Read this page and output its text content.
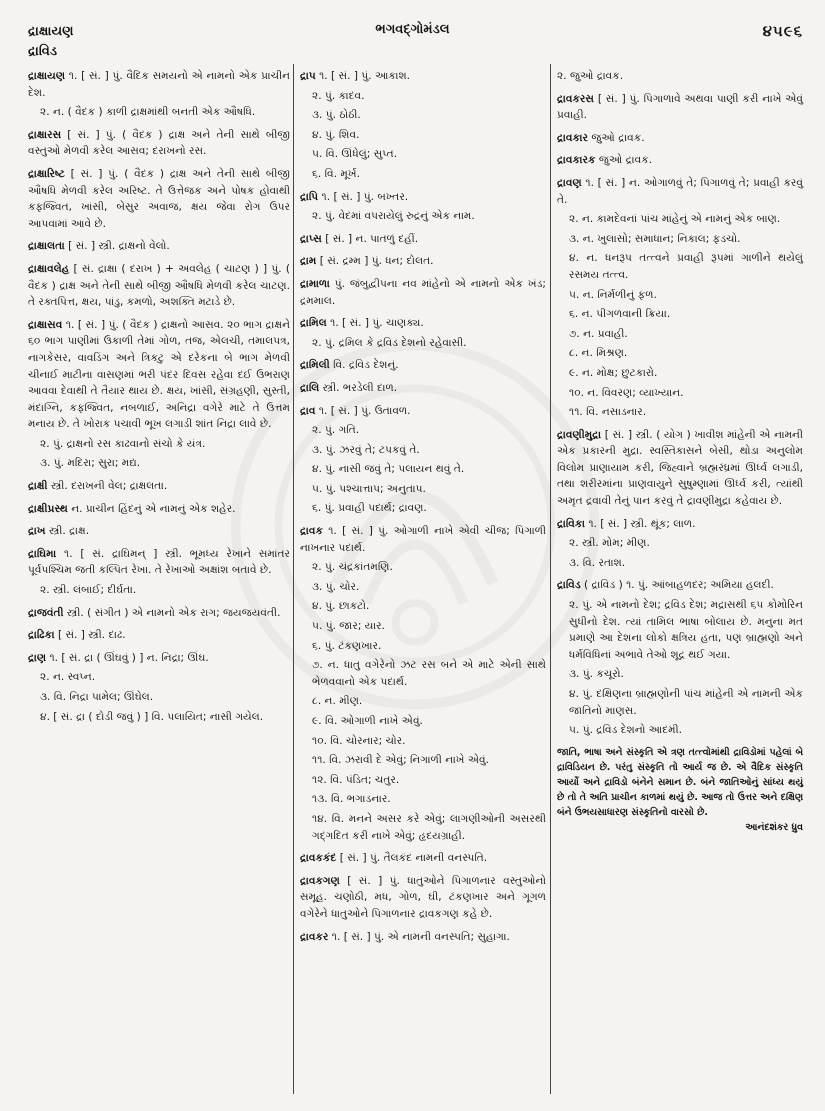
દ્રાક્ષાયણ
દ્રાવિડ
ભગવદ્ગોમંડલ	૪૫૯૬

દ્રાક્ષાયણ ૧. [ સં. ] પું. વૈદિક સમયનો એ નામનો એક પ્રાચીન દેશ.

૨. ન. ( વૈદક ) કાળી દ્રાક્ષમાંથી બનતી એક ઔષધિ.

દ્રાક્ષારસ [ સં. ] પું. ( વૈદક ) દ્રાક્ષ અને તેની સાથે બીજી વસ્તુઓ મેળવી કરેલ આસવ; દરાખનો રસ.

દ્રાક્ષારિષ્ટ [ સં. ] પું. ( વૈદક ) દ્રાક્ષ અને તેની સાથે બીજી ઔષધિ મેળવી કરેલ અરિષ્ટ. તે ઉત્તેજક અને પોષક હોવાથી કફજ્વિત, ખાંસી, બેસુર અવાજ, ક્ષય જેવા રોગ ઉપર આપવામાં આવે છે.

દ્રાક્ષાલતા [ સં. ] સ્ત્રી. દ્રાક્ષનો વેલો.

દ્રાક્ષાવલેહ [ સં. દ્રાક્ષા ( દરાખ ) + અવલેહ ( ચાટણ ) ] પું. ( વૈદક ) દ્રાક્ષ અને તેની સાથે બીજી ઔષધિ મેળવી કરેલ ચાટણ. તે રક્તપિત્ત, ક્ષય, પાંડુ, કમળો, અશક્તિ મટાડે છે.

દ્રાક્ષાસવ ૧. [ સં. ] પું. ( વૈદક ) દ્રાક્ષનો આસવ. ૨૦ ભાગ દ્રાક્ષને ૬૦ ભાગ પાણીમાં ઉકાળી તેમાં ગોળ, તજ, એલચી, તમાલપત્ર, નાગકેસર, વાવડિંગ અને ત્રિકટુ એ દરેકના બે ભાગ મેળવી ચીનાઈ માટીના વાસણમાં ભરી પંદર દિવસ રહેવા દઈ ઉભરાણ આવવા દેવાથી તે તૈયાર થાય છે. ક્ષય, ખાંસી, સંગ્રહણી, સુસ્તી, મંદાગ્નિ, કફજ્વિત, નબળાઈ, અનિદ્રા વગેરે માટે તે ઉત્તમ મનાય છે. તે ખોરાક પચાવી ભૂખ લગાડી શાંત નિદ્રા લાવે છે.

૨. પું. દ્રાક્ષનો રસ કાઢવાનો સંચો કે યંત્ર.

૩. પું. મદિરા; સુરા; મદ્ય.

દ્રાક્ષી સ્ત્રી. દરાખની વેલ; દ્રાક્ષલતા.

દ્રાક્ષીપ્રસ્થ ન. પ્રાચીન હિંદનું એ નામનું એક શહેર.

દ્રાખ સ્ત્રી. દ્રાક્ષ.

દ્રાઘિમા ૧. [ સં. દ્રાઘિમન્ ] સ્ત્રી. ભૂમધ્ય રેખાને સમાંતર પૂર્વપશ્ચિમ જતી કલ્પિત રેખા. તે રેખાઓ અક્ષાંશ બતાવે છે.

૨. સ્ત્રી. લંબાઈ; દીર્ઘતા.

દ્રાજવંતી સ્ત્રી. ( સંગીત ) એ નામનો એક રાગ; જયજયવંતી.

દ્રાઢિકા [ સં. ] સ્ત્રી. દાઢ.

દ્રાણ ૧. [ સં. દ્રા ( ઊંઘવું ) ] ન. નિદ્રા; ઊંઘ.

૨. ન. સ્વપ્ન.

૩. વિ. નિદ્રા પામેલ; ઊંઘેલ.

૪. [ સં. દ્રા ( દોડી જવું ) ] વિ. પલાયિત; નાસી ગયેલ.

દ્રાપ ૧. [ સં. ] પું. આકાશ.

૨. પું. કાદવ.

૩. પું. ઠોઠી.

૪. પું. શિવ.

૫. વિ. ઊંધેલું; સુપ્ત.

૬. વિ. મૂર્ખ.

દ્રાપિ ૧. [ સં. ] પું. બખ્તર.

૨. પું. વેદમાં વપરાયેલું રુદ્રનું એક નામ.

દ્રાપ્સ [ સં. ] ન. પાતળું દહીં.

દ્રામ [ સં. દ્રમ્મ ] પું. ધન; દોલત.

દ્રામાળા પું. જંબુદ્વીપના નવ માંહેનો એ નામનો એક ખંડ; દ્રમમાલ.

દ્રામિલ ૧. [ સં. ] પું. ચાણક્ય.

૨. પું. દ્રમિલ કે દ્રવિડ દેશનો રહેવાસી.

દ્રામિલી વિ. દ્રવિડ દેશનું.

દ્રાલિ સ્ત્રી. ભરડેલી દાળ.

દ્રાવ ૧. [ સં. ] પું. ઉતાવળ.

૨. પું. ગતિ.

૩. પું. ઝરવું તે; ટપકવું તે.

૪. પું. નાસી જવું તે; પલાયન થવું તે.

૫. પું. પશ્ચાત્તાપ; અનુતાપ.

૬. પું. પ્રવાહી પદાર્થ; દ્રાવણ.

દ્રાવક ૧. [ સં. ] પું. ઓગાળી નાખે એવી ચીજ; પિગાળી નાખનાર પદાર્થ.

૨. પું. ચંદ્રકાંતમણિ.

૩. પું. ચોર.

૪. પું. છાકટો.

૫. પું. જાર; યાર.

૬. પું. ટંકણખાર.

૭. ન. ધાતુ વગેરેનો ઝટ રસ બને એ માટે એની સાથે ભેળવવાનો એક પદાર્થ.

૮. ન. મીણ.

૯. વિ. ઓગાળી નાખે એવું.

૧૦. વિ. ચોરનાર; ચોર.

૧૧. વિ. ઝરાવી દે એવું; નિગાળી નાખે એવું.

૧૨. વિ. પંડિત; ચતુર.

૧૩. વિ. ભગાડનાર.

૧૪. વિ. મનને અસર કરે એવું; લાગણીઓની અસરથી ગદ્ગદિત કરી નાખે એવું; હૃદયગ્રાહી.

દ્રાવકકંદ [ સં. ] પું. તૈલકંદ નામની વનસ્પતિ.

દ્રાવકગણ [ સં. ] પું. ધાતુઓને પિગાળનાર વસ્તુઓનો સમૂહ. ચણોઠી, મધ, ગોળ, ઘી, ટંકણખાર અને ગૂગળ વગેરેને ધાતુઓને પિગાળનાર દ્રાવકગણ કહે છે.

દ્રાવકર ૧. [ સં. ] પું. એ નામની વનસ્પતિ; સુહાગા.

૨. જુઓ દ્રાવક.

દ્રાવકરસ [ સં. ] પું. પિગાળાવે અથવા પાણી કરી નાખે એવું પ્રવાહી.

દ્રાવકાર જુઓ દ્રાવક.

દ્રાવકારક જુઓ દ્રાવક.

દ્રાવણ ૧. [ સં. ] ન. ઓગાળવું તે; પિગાળવું તે; પ્રવાહી કરવું તે.

૨. ન. કામદેવનાં પાંચ માંહેનું એ નામનું એક બાણ.

૩. ન. ખુલાસો; સમાધાન; નિકાલ; ફડચો.

૪. ન. ધનરૂપ તત્ત્વને પ્રવાહી રૂપમાં ગાળીને થયેલું રસમય તત્ત્વ.

૫. ન. નિર્મળીનું ફળ.

૬. ન. પીગળવાની ક્રિયા.

૭. ન. પ્રવાહી.

૮. ન. મિશ્રણ.

૯. ન. મોક્ષ; છુટકારો.

૧૦. ન. વિવરણ; વ્યાખ્યાન.

૧૧. વિ. નસાડનાર.

દ્રાવણીમુદ્રા [ સં. ] સ્ત્રી. ( યોગ ) ખાવીશ માંહેની એ નામની એક પ્રકારની મુદ્રા. સ્વસ્તિકાસને બેસી, થોડા અનુલોમ વિલોમ પ્રાણાયામ કરી, જિહ્વાને બ્રહ્મરંધ્રમાં ઊર્ધ્વ લગાડી, તથા શરીરમાંના પ્રાણવાયુને સુષુમ્ણામાં ઊર્ધ્વ કરી, ત્યાંથી અમૃત દ્રવાવી તેનું પાન કરવું તે દ્રાવણીમુદ્રા કહેવાય છે.

દ્રાવિકા ૧. [ સં. ] સ્ત્રી. થૂંક; લાળ.

૨. સ્ત્રી. મોમ; મીણ.

૩. વિ. રતાશ.

દ્રાવિડ ( દ્રાવિડ ) ૧. પું. આંબાહળદર; અમિયા હલદી.

૨. પું. એ નામનો દેશ; દ્રવિડ દેશ; મદ્રાસથી ૬૫ કોમોરિન સુધીનો દેશ. ત્યાં તામિલ ભાષા બોલાય છે. મનુના મત પ્રમાણે આ દેશના લોકો ક્ષત્રિય હતા, પણ બ્રાહ્મણો અને ધર્મવિધિનાં અભાવે તેઓ શૂદ્ર થઈ ગયા.

૩. પું. કચૂરો.

૪. પું. દક્ષિણના બ્રાહ્મણોની પાંચ માંહેની એ નામની એક જાતિનો માણસ.

૫. પું. દ્રવિડ દેશનો આદમી.

જાતિ, ભાષા અને સંસ્કૃતિ એ ત્રણ તત્ત્વોમાંથી દ્રાવિડોમાં પહેલાં બે દ્રાવિડિયન છે. પરંતુ સંસ્કૃતિ તો આર્ય જ છે. એ વૈદિક સંસ્કૃતિ આર્યો અને દ્રાવિડો બંનેને સમાન છે. બંને જાતિઓનું સાંધ્ય થયું છે તો તે અતિ પ્રાચીન કાળમાં થયું છે. આજ તો ઉત્તર અને દક્ષિણ બંને ઉભયસાધારણ સંસ્કૃતિનો વારસો છે.
આનંદશંકર ધ્રુવ
